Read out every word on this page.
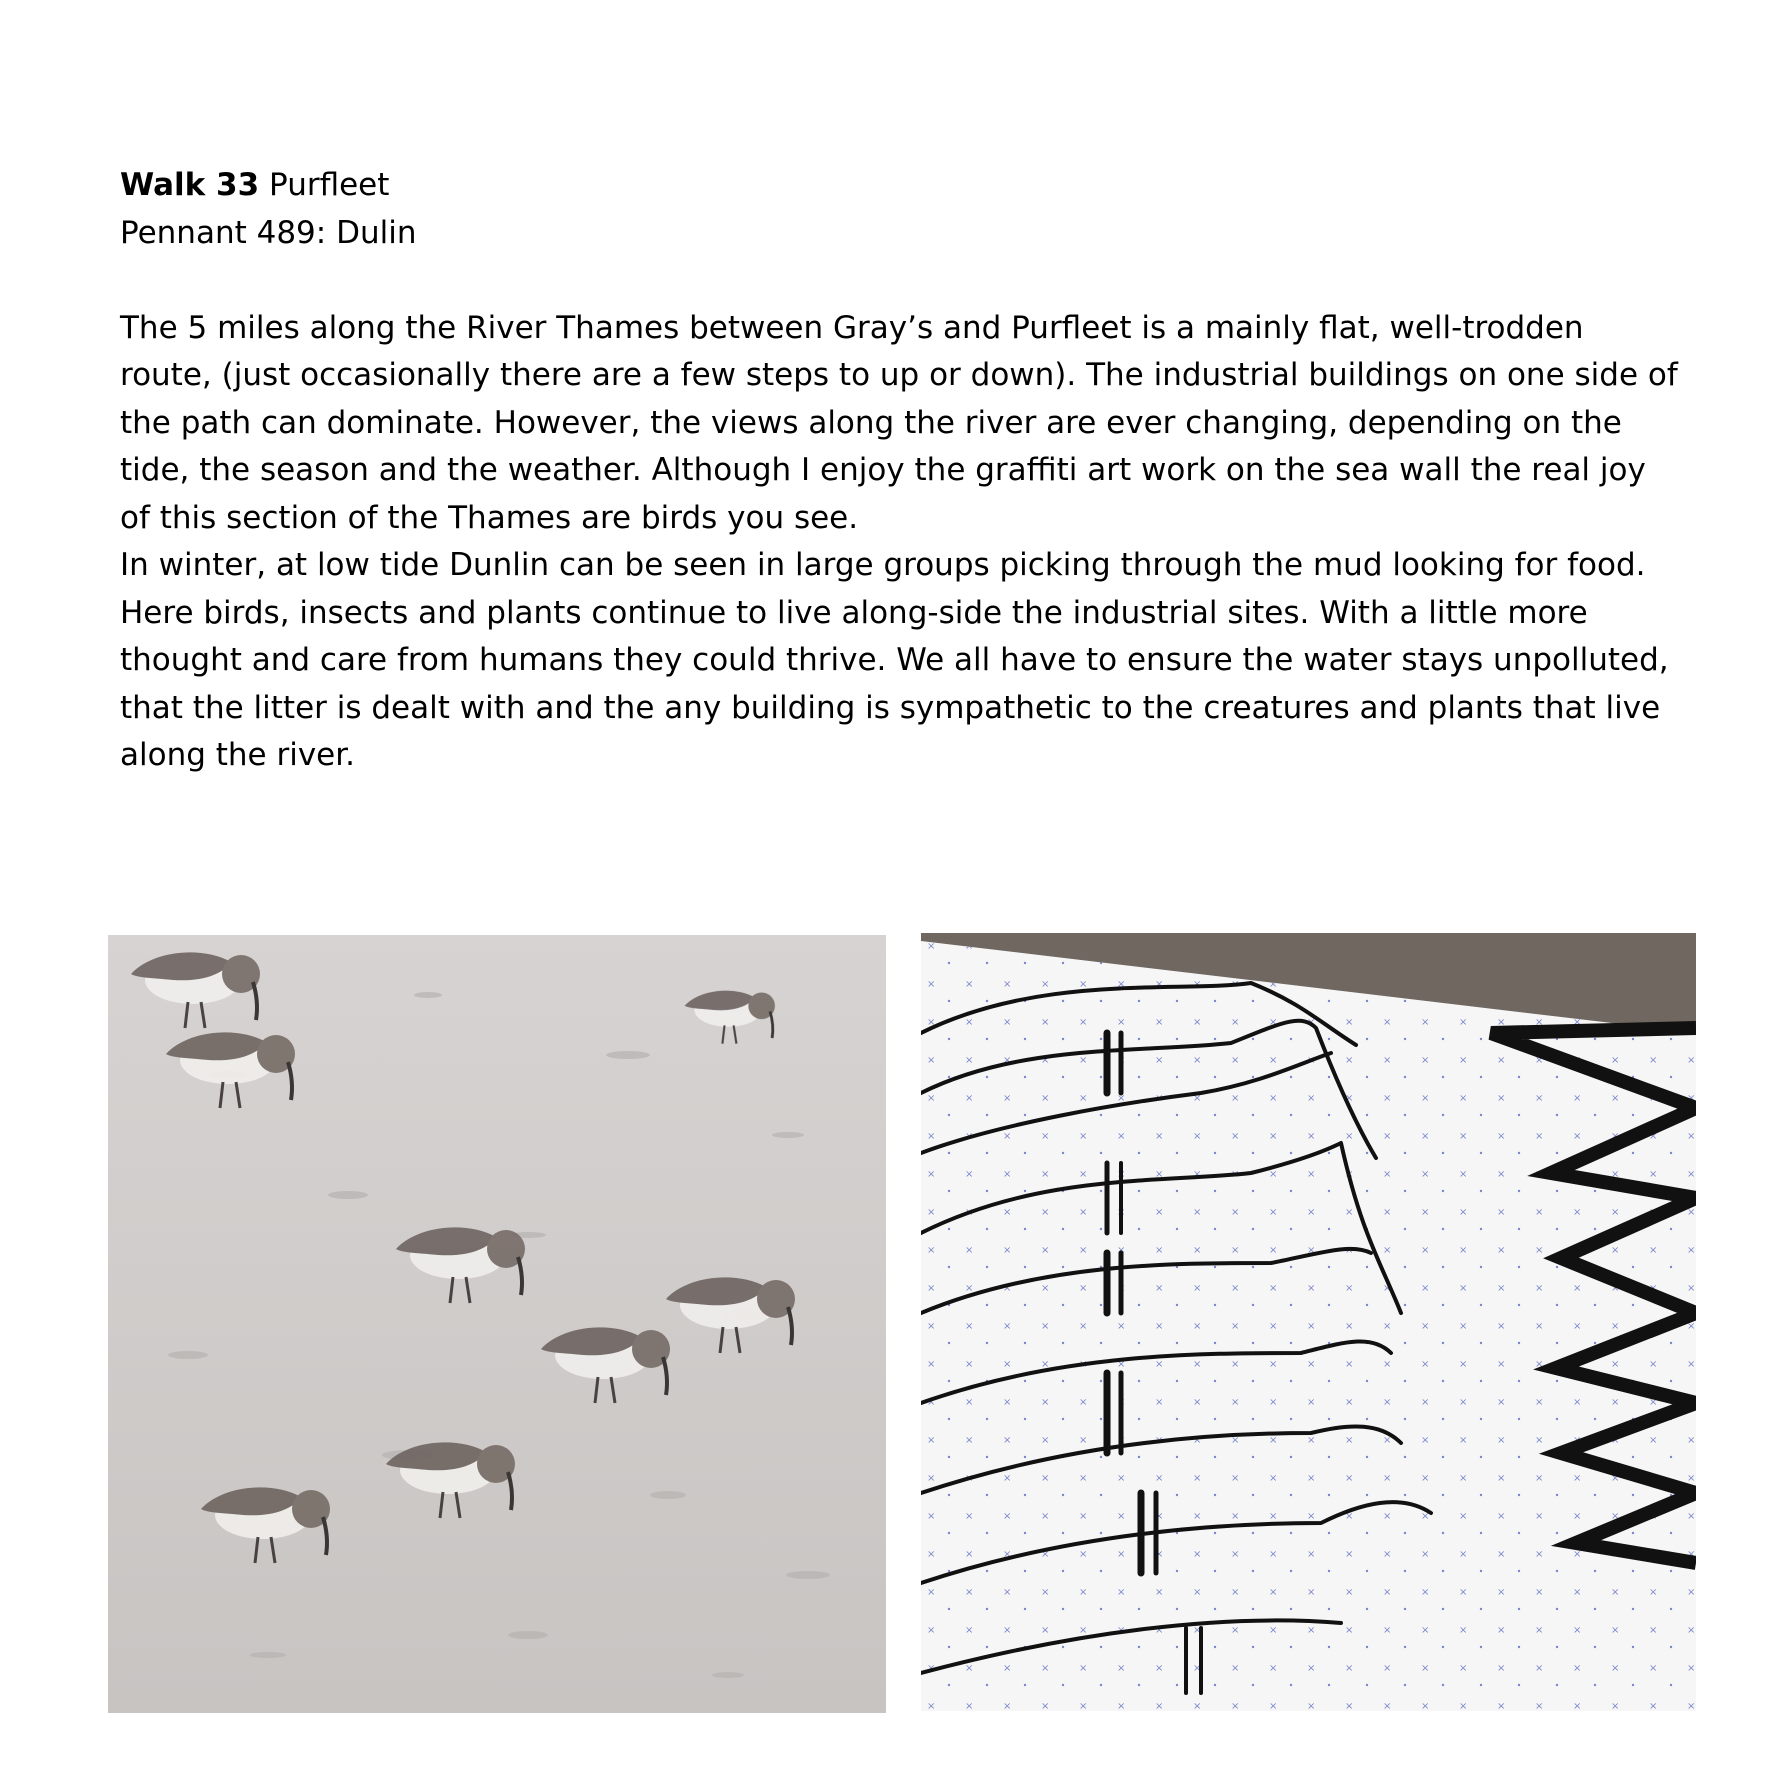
Walk 33 Purfleet
Pennant 489: Dulin

The 5 miles along the River Thames between Gray’s and Purfleet is a mainly flat, well-trodden route, (just occasionally there are a few steps to up or down). The industrial buildings on one side of the path can dominate. However, the views along the river are ever changing, depending on the tide, the season and the weather. Although I enjoy the graffiti art work on the sea wall the real joy of this section of the Thames are birds you see.

In winter, at low tide Dunlin can be seen in large groups picking through the mud looking for food.

Here birds, insects and plants continue to live along-side the industrial sites. With a little more thought and care from humans they could thrive. We all have to ensure the water stays unpolluted, that the litter is dealt with and the any building is sympathetic to the creatures and plants that live along the river.
